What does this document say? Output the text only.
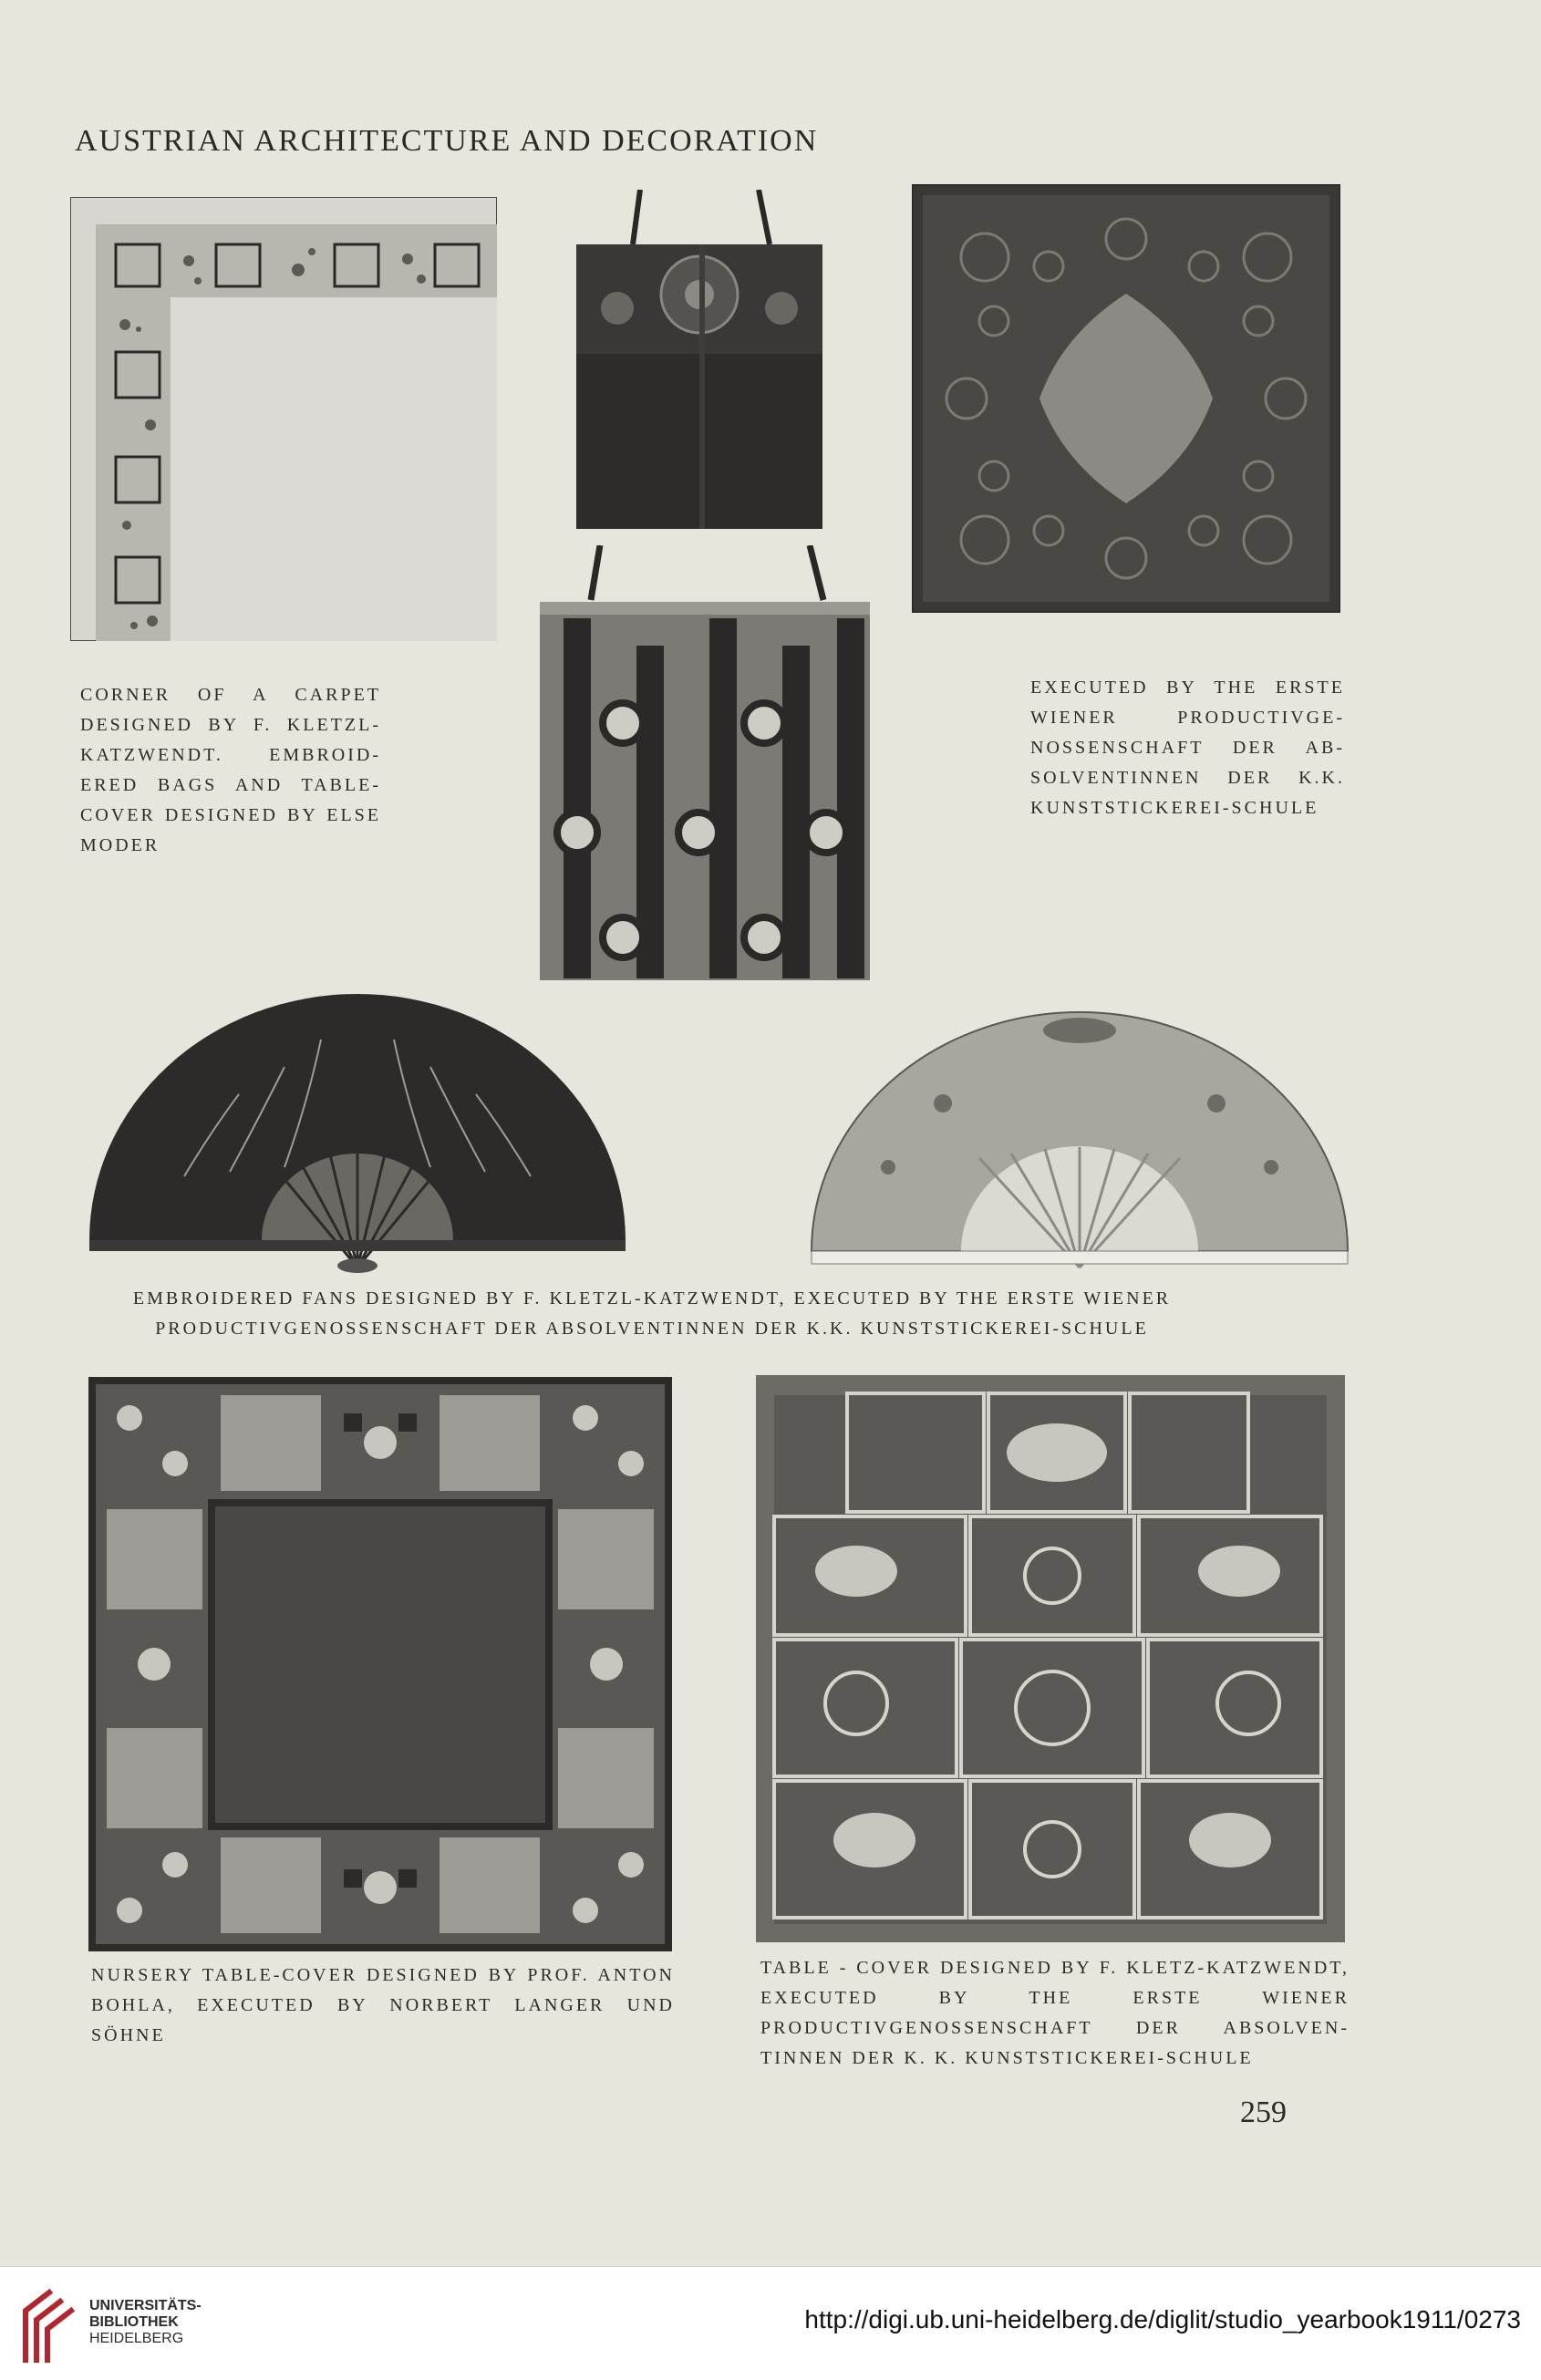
AUSTRIAN ARCHITECTURE AND DECORATION
CORNER OF A CARPET DESIGNED BY F. KLETZL-KATZWENDT. EMBROID-ERED BAGS AND TABLE-COVER DESIGNED BY ELSE MODER
EXECUTED BY THE ERSTE WIENER PRODUCTIVGE-NOSSENSCHAFT DER AB-SOLVENTINNEN DER K.K. KUNSTSTICKEREI-SCHULE
EMBROIDERED FANS DESIGNED BY F. KLETZL-KATZWENDT, EXECUTED BY THE ERSTE WIENER PRODUCTIVGENOSSENSCHAFT DER ABSOLVENTINNEN DER K.K. KUNSTSTICKEREI-SCHULE
NURSERY TABLE-COVER DESIGNED BY PROF. ANTON BOHLA, EXECUTED BY NORBERT LANGER UND SÖHNE
TABLE - COVER DESIGNED BY F. KLETZ-KATZWENDT, EXECUTED BY THE ERSTE WIENER PRODUCTIVGENOSSENSCHAFT DER ABSOLVEN-TINNEN DER K. K. KUNSTSTICKEREI-SCHULE
259
UNIVERSITÄTS-
BIBLIOTHEK
HEIDELBERG
http://digi.ub.uni-heidelberg.de/diglit/studio_yearbook1911/0273
